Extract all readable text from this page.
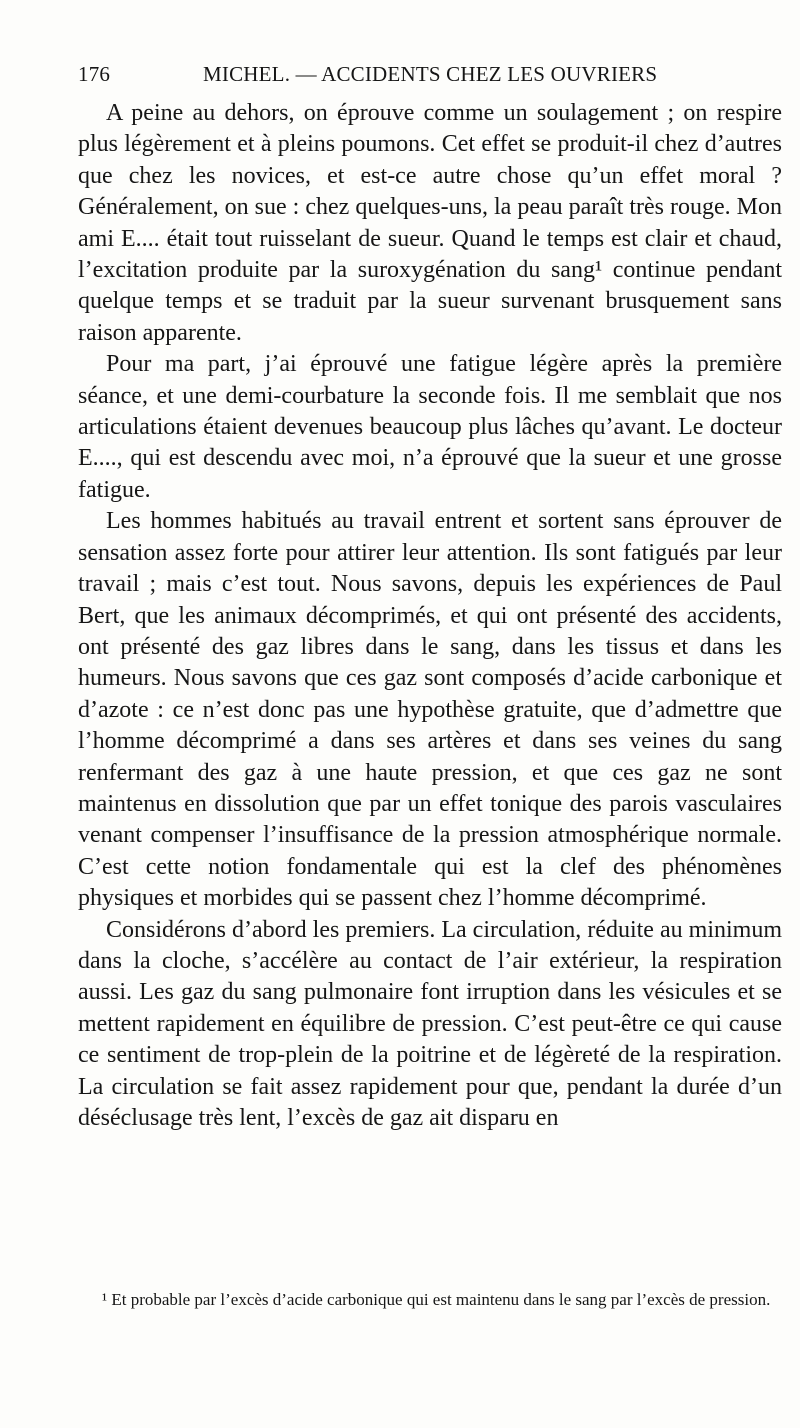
176	MICHEL. — ACCIDENTS CHEZ LES OUVRIERS

A peine au dehors, on éprouve comme un soulagement ; on respire plus légèrement et à pleins poumons. Cet effet se produit-il chez d’autres que chez les novices, et est-ce autre chose qu’un effet moral ? Généralement, on sue : chez quelques-uns, la peau paraît très rouge. Mon ami E.... était tout ruisselant de sueur. Quand le temps est clair et chaud, l’excitation produite par la suroxygénation du sang¹ continue pendant quelque temps et se traduit par la sueur survenant brusquement sans raison apparente.

Pour ma part, j’ai éprouvé une fatigue légère après la première séance, et une demi-courbature la seconde fois. Il me semblait que nos articulations étaient devenues beaucoup plus lâches qu’avant. Le docteur E...., qui est descendu avec moi, n’a éprouvé que la sueur et une grosse fatigue.

Les hommes habitués au travail entrent et sortent sans éprouver de sensation assez forte pour attirer leur attention. Ils sont fatigués par leur travail ; mais c’est tout. Nous savons, depuis les expériences de Paul Bert, que les animaux décomprimés, et qui ont présenté des accidents, ont présenté des gaz libres dans le sang, dans les tissus et dans les humeurs. Nous savons que ces gaz sont composés d’acide carbonique et d’azote : ce n’est donc pas une hypothèse gratuite, que d’admettre que l’homme décomprimé a dans ses artères et dans ses veines du sang renfermant des gaz à une haute pression, et que ces gaz ne sont maintenus en dissolution que par un effet tonique des parois vasculaires venant compenser l’insuffisance de la pression atmosphérique normale. C’est cette notion fondamentale qui est la clef des phénomènes physiques et morbides qui se passent chez l’homme décomprimé.

Considérons d’abord les premiers. La circulation, réduite au minimum dans la cloche, s’accélère au contact de l’air extérieur, la respiration aussi. Les gaz du sang pulmonaire font irruption dans les vésicules et se mettent rapidement en équilibre de pression. C’est peut-être ce qui cause ce sentiment de trop-plein de la poitrine et de légèreté de la respiration. La circulation se fait assez rapidement pour que, pendant la durée d’un déséclusage très lent, l’excès de gaz ait disparu en

¹ Et probable par l’excès d’acide carbonique qui est maintenu dans le sang par l’excès de pression.
